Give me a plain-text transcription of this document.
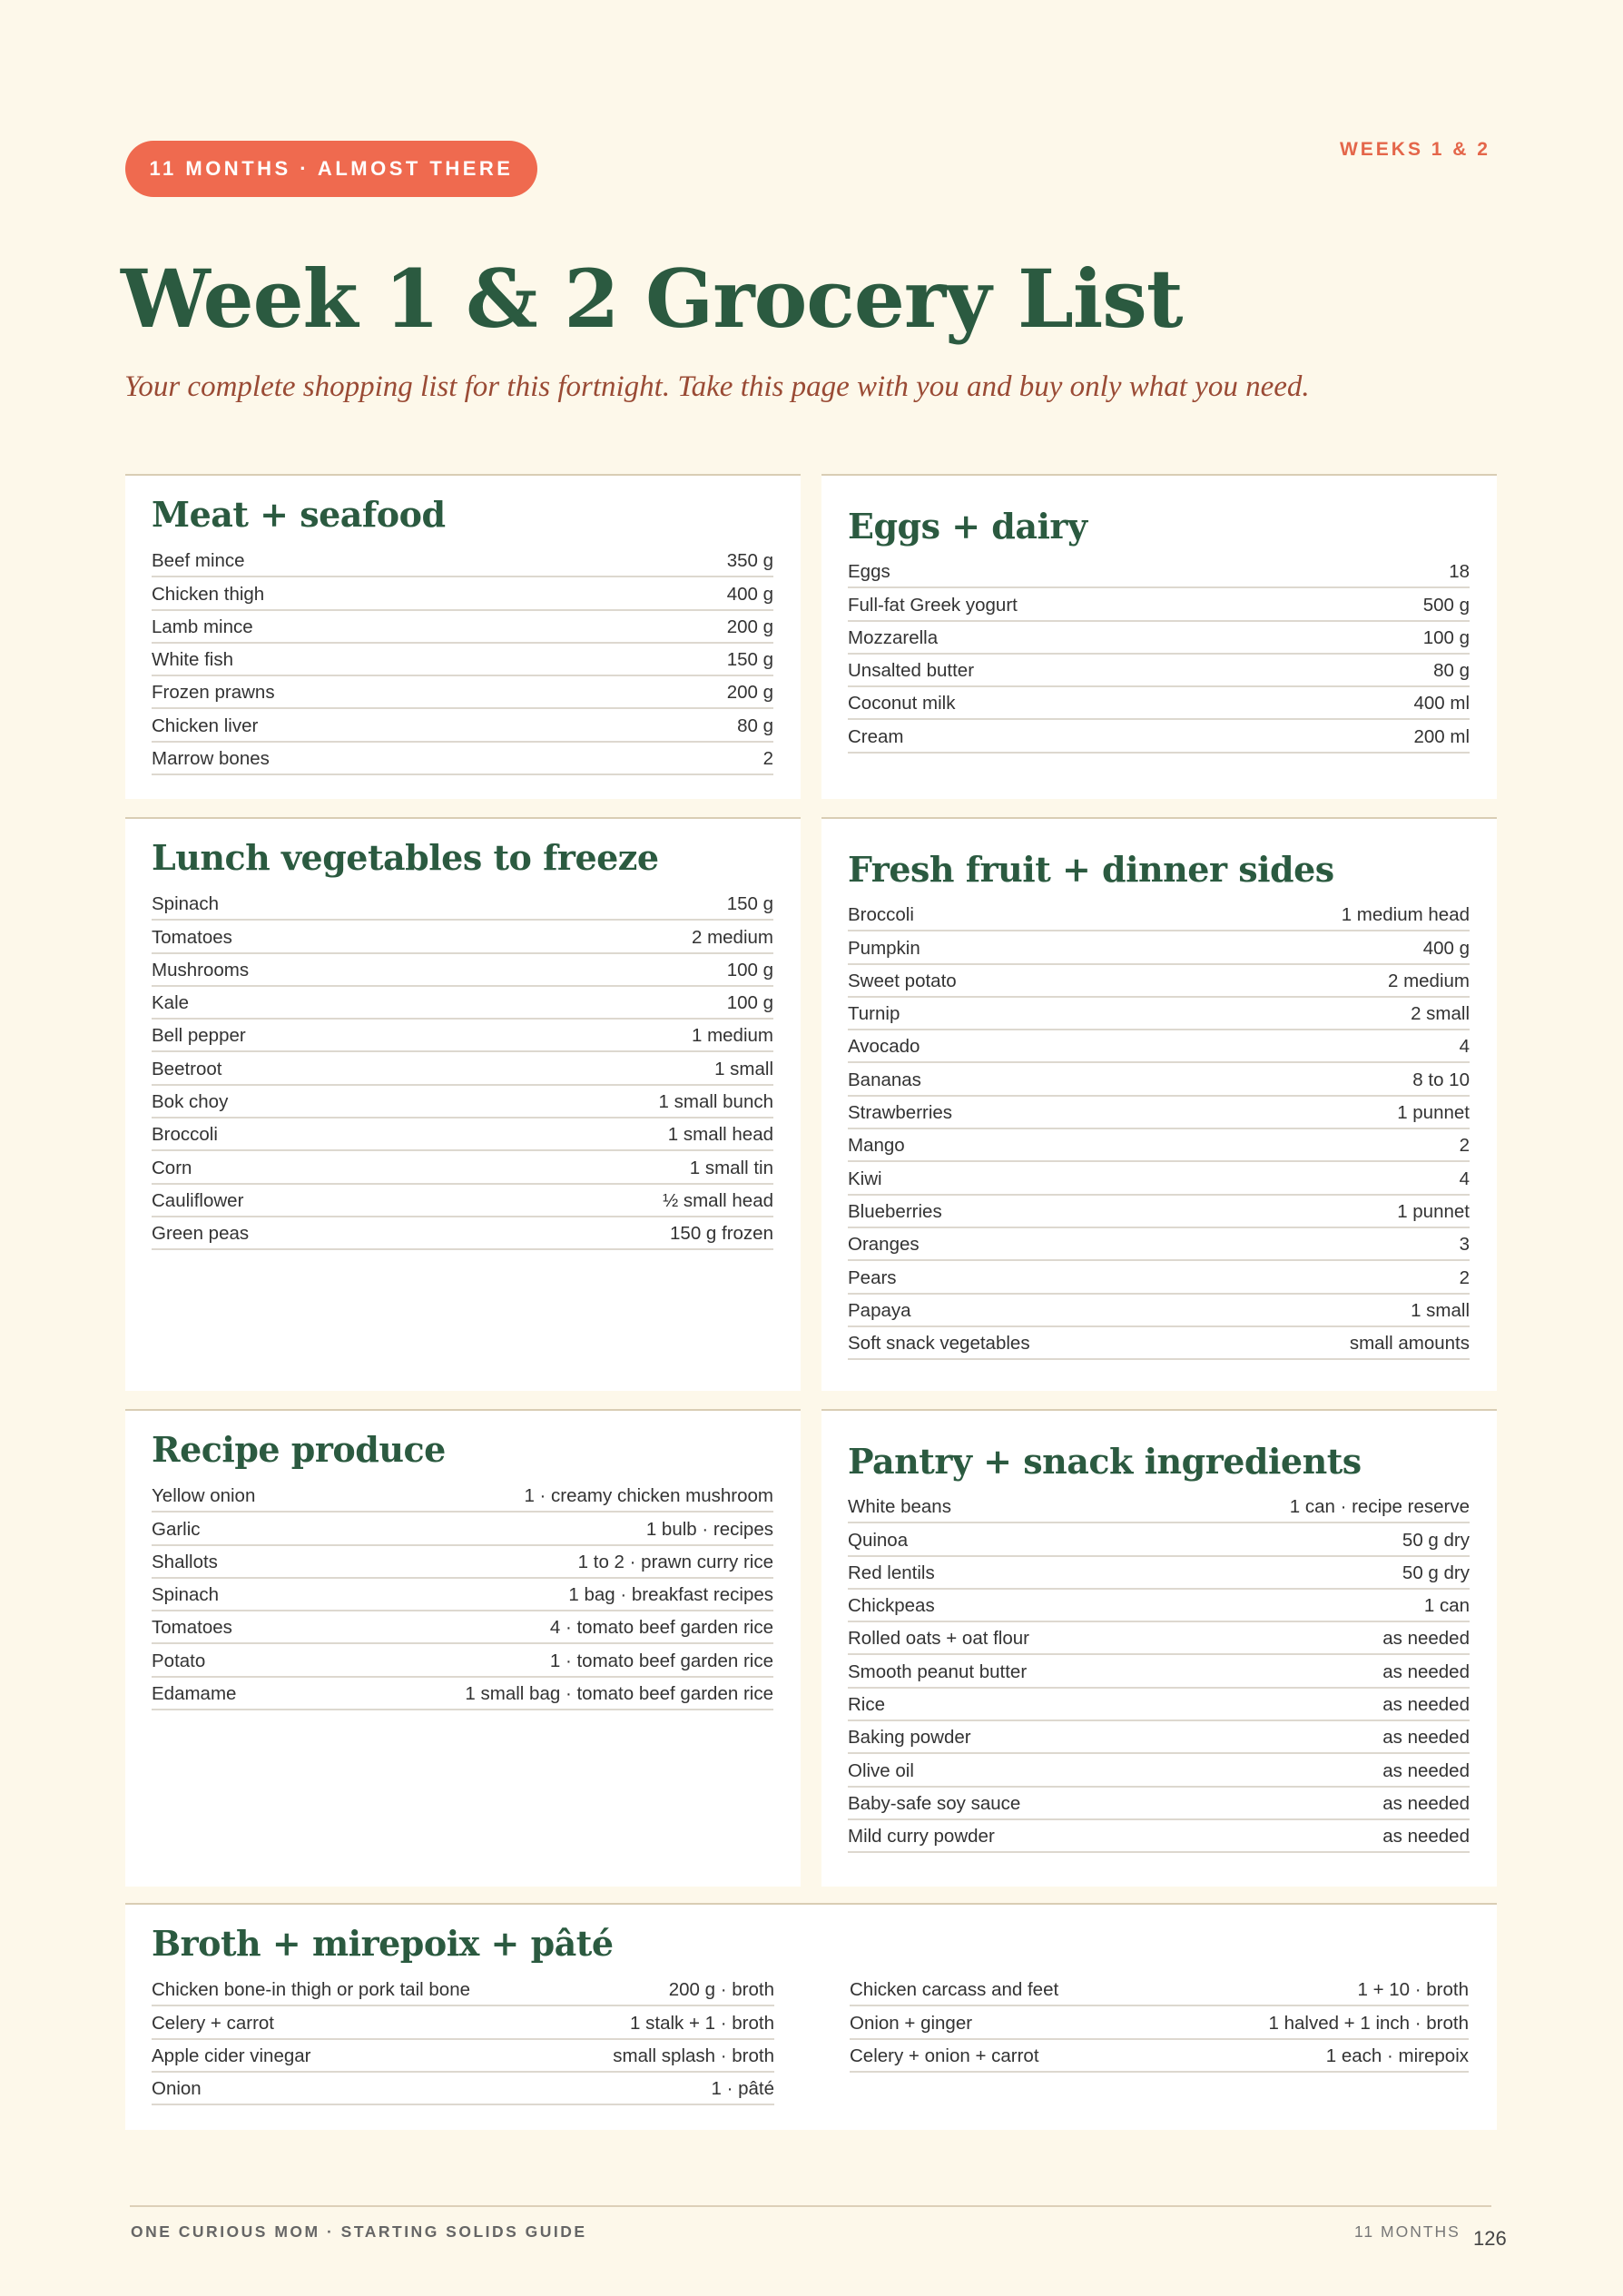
11 MONTHS · ALMOST THERE
WEEKS 1 & 2
Week 1 & 2 Grocery List

Your complete shopping list for this fortnight. Take this page with you and buy only what you need.

Meat + seafood
Beef mince	350 g
Chicken thigh	400 g
Lamb mince	200 g
White fish	150 g
Frozen prawns	200 g
Chicken liver	80 g
Marrow bones	2
Eggs + dairy
Eggs	18
Full-fat Greek yogurt	500 g
Mozzarella	100 g
Unsalted butter	80 g
Coconut milk	400 ml
Cream	200 ml
Lunch vegetables to freeze
Spinach	150 g
Tomatoes	2 medium
Mushrooms	100 g
Kale	100 g
Bell pepper	1 medium
Beetroot	1 small
Bok choy	1 small bunch
Broccoli	1 small head
Corn	1 small tin
Cauliflower	½ small head
Green peas	150 g frozen
Fresh fruit + dinner sides
Broccoli	1 medium head
Pumpkin	400 g
Sweet potato	2 medium
Turnip	2 small
Avocado	4
Bananas	8 to 10
Strawberries	1 punnet
Mango	2
Kiwi	4
Blueberries	1 punnet
Oranges	3
Pears	2
Papaya	1 small
Soft snack vegetables	small amounts
Recipe produce
Yellow onion	1 · creamy chicken mushroom
Garlic	1 bulb · recipes
Shallots	1 to 2 · prawn curry rice
Spinach	1 bag · breakfast recipes
Tomatoes	4 · tomato beef garden rice
Potato	1 · tomato beef garden rice
Edamame	1 small bag · tomato beef garden rice
Pantry + snack ingredients
White beans	1 can · recipe reserve
Quinoa	50 g dry
Red lentils	50 g dry
Chickpeas	1 can
Rolled oats + oat flour	as needed
Smooth peanut butter	as needed
Rice	as needed
Baking powder	as needed
Olive oil	as needed
Baby-safe soy sauce	as needed
Mild curry powder	as needed
Broth + mirepoix + pâté
Chicken bone-in thigh or pork tail bone	200 g · broth
Celery + carrot	1 stalk + 1 · broth
Apple cider vinegar	small splash · broth
Onion	1 · pâté
Chicken carcass and feet	1 + 10 · broth
Onion + ginger	1 halved + 1 inch · broth
Celery + onion + carrot	1 each · mirepoix
ONE CURIOUS MOM · STARTING SOLIDS GUIDE	11 MONTHS 126
